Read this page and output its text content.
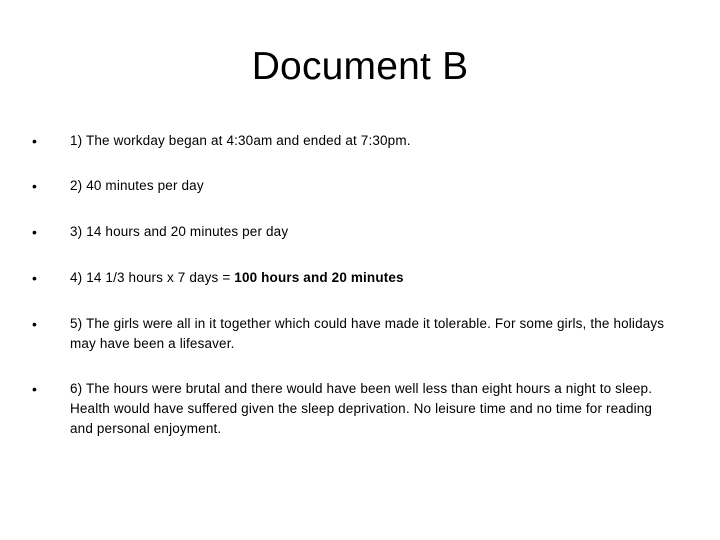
Document B
• 1) The workday began at 4:30am and ended at 7:30pm.
• 2) 40 minutes per day
• 3) 14 hours and 20 minutes per day
• 4) 14 1/3 hours x 7 days = 100 hours and 20 minutes
• 5) The girls were all in it together which could have made it tolerable. For some girls, the holidays may have been a lifesaver.
• 6) The hours were brutal and there would have been well less than eight hours a night to sleep. Health would have suffered given the sleep deprivation. No leisure time and no time for reading and personal enjoyment.
